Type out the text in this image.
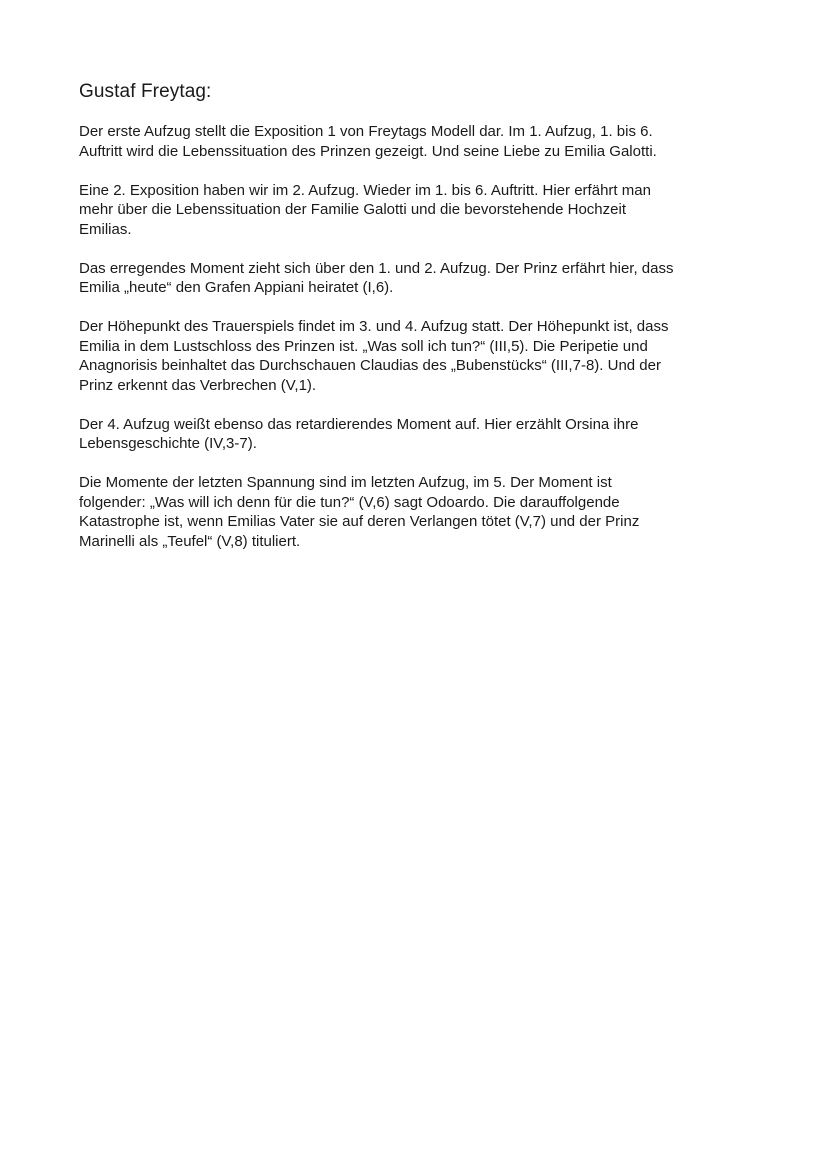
Gustaf Freytag:

Der erste Aufzug stellt die Exposition 1 von Freytags Modell dar. Im 1. Aufzug, 1. bis 6.
Auftritt wird die Lebenssituation des Prinzen gezeigt. Und seine Liebe zu Emilia Galotti.

Eine 2. Exposition haben wir im 2. Aufzug. Wieder im 1. bis 6. Auftritt. Hier erfährt man
mehr über die Lebenssituation der Familie Galotti und die bevorstehende Hochzeit
Emilias.

Das erregendes Moment zieht sich über den 1. und 2. Aufzug. Der Prinz erfährt hier, dass
Emilia „heute“ den Grafen Appiani heiratet (I,6).

Der Höhepunkt des Trauerspiels findet im 3. und 4. Aufzug statt. Der Höhepunkt ist, dass
Emilia in dem Lustschloss des Prinzen ist. „Was soll ich tun?“ (III,5). Die Peripetie und
Anagnorisis beinhaltet das Durchschauen Claudias des „Bubenstücks“ (III,7-8). Und der
Prinz erkennt das Verbrechen (V,1).

Der 4. Aufzug weißt ebenso das retardierendes Moment auf. Hier erzählt Orsina ihre
Lebensgeschichte (IV,3-7).

Die Momente der letzten Spannung sind im letzten Aufzug, im 5. Der Moment ist
folgender: „Was will ich denn für die tun?“ (V,6) sagt Odoardo. Die darauffolgende
Katastrophe ist, wenn Emilias Vater sie auf deren Verlangen tötet (V,7) und der Prinz
Marinelli als „Teufel“ (V,8) tituliert.
